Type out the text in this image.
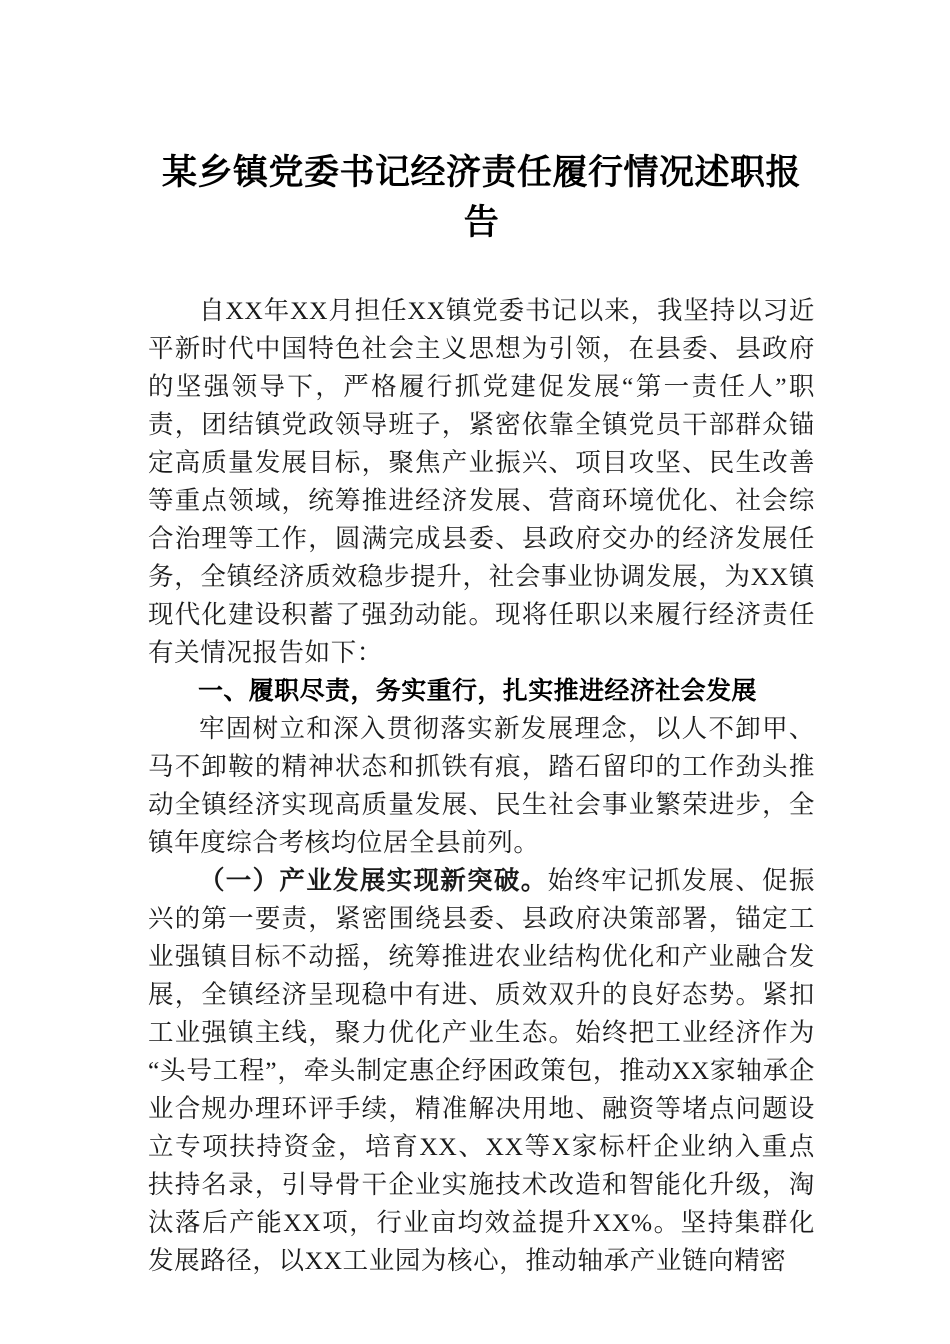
某乡镇党委书记经济责任履行情况述职报告

自XX年XX月担任XX镇党委书记以来，我坚持以习近平新时代中国特色社会主义思想为引领，在县委、县政府的坚强领导下，严格履行抓党建促发展“第一责任人”职责，团结镇党政领导班子，紧密依靠全镇党员干部群众锚定高质量发展目标，聚焦产业振兴、项目攻坚、民生改善等重点领域，统筹推进经济发展、营商环境优化、社会综合治理等工作，圆满完成县委、县政府交办的经济发展任务，全镇经济质效稳步提升，社会事业协调发展，为XX镇现代化建设积蓄了强劲动能。现将任职以来履行经济责任有关情况报告如下：

一、履职尽责，务实重行，扎实推进经济社会发展

牢固树立和深入贯彻落实新发展理念，以人不卸甲、马不卸鞍的精神状态和抓铁有痕，踏石留印的工作劲头推动全镇经济实现高质量发展、民生社会事业繁荣进步，全镇年度综合考核均位居全县前列。

（一）产业发展实现新突破。始终牢记抓发展、促振兴的第一要责，紧密围绕县委、县政府决策部署，锚定工业强镇目标不动摇，统筹推进农业结构优化和产业融合发展，全镇经济呈现稳中有进、质效双升的良好态势。紧扣工业强镇主线，聚力优化产业生态。始终把工业经济作为“头号工程”，牵头制定惠企纾困政策包，推动XX家轴承企业合规办理环评手续，精准解决用地、融资等堵点问题设立专项扶持资金，培育XX、XX等X家标杆企业纳入重点扶持名录，引导骨干企业实施技术改造和智能化升级，淘汰落后产能XX项，行业亩均效益提升XX%。坚持集群化发展路径，以XX工业园为核心，推动轴承产业链向精密
